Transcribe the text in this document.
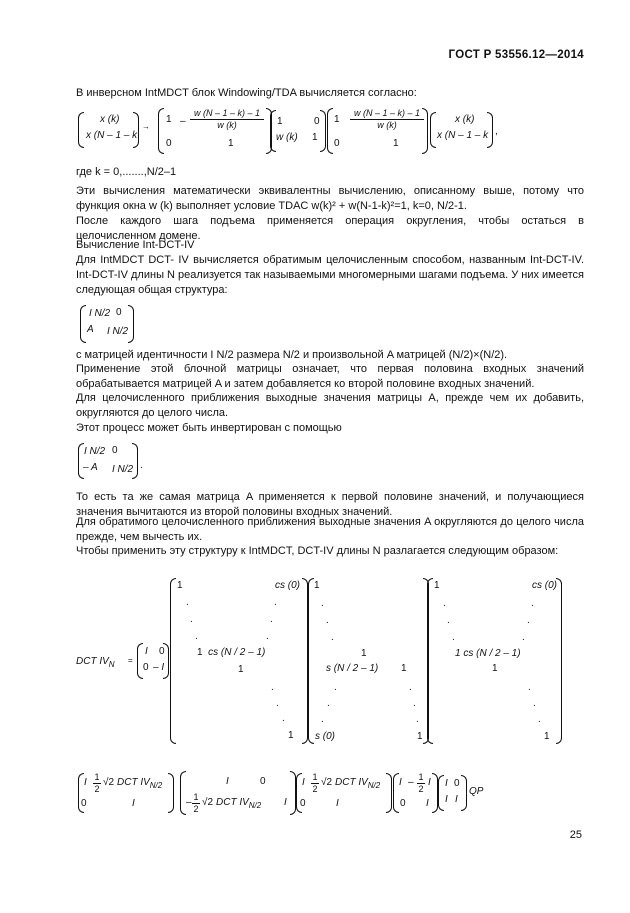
ГОСТ Р 53556.12—2014
В инверсном IntMDCT блок Windowing/TDA вычисляется согласно:
x (k)
x (N – 1 – k
→
$1 - \frac{w (N - 1 - k) - 1}{w (k)}$
0	1
1	0
w (k) 1
$1 \frac{w (N - 1 - k) - 1}{w (k)}$
0	1
x (k)
x (N – 1 – k ,
где k = 0,.......,N/2–1
Эти вычисления математически эквивалентны вычислению, описанному выше, потому что функция окна w (k) выполняет условие TDAC w(k)² + w(N-1-k)²=1, k=0, N/2-1.
После каждого шага подъема применяется операция округления, чтобы остаться в целочисленном домене.
Вычисление Int-DCT-IV
Для IntMDCT DCT- IV вычисляется обратимым целочисленным способом, названным Int-DCT-IV. Int-DCT-IV длины N реализуется так называемыми многомерными шагами подъема. У них имеется следующая общая структура:
I N/2 0
A I N/2
с матрицей идентичности I N/2 размера N/2 и произвольной A матрицей (N/2)×(N/2).
Применение этой блочной матрицы означает, что первая половина входных значений обрабатывается матрицей A и затем добавляется ко второй половине входных значений.
Для целочисленного приближения выходные значения матрицы A, прежде чем их добавить, округляются до целого числа.
Этот процесс может быть инвертирован с помощью
I N/2 0
– A I N/2 .
То есть та же самая матрица A применяется к первой половине значений, и получающиеся значения вычитаются из второй половины входных значений.
Для обратимого целочисленного приближения выходные значения A округляются до целого числа прежде, чем вычесть их.
Чтобы применить эту структуру к IntMDCT, DCT-IV длины N разлагается следующим образом:
DCT $IV_N$ =
I 0
0 – I
1	cs (0)
.	.
.	.
.	.
1 cs (N / 2 – 1)
1
.
.
.
1
1
.
.
.
1
s (N / 2 – 1) 1
.	.
.	.
.	.
s (0)	1
1	cs (0)
.	.
.	.
.	.
1 cs (N / 2 – 1)
1
.
.
.
1
I $\frac{1}{2} √2$ DCT $IV_{N/2}$
0	I
I	0
– $\frac{1}{2} √2$ DCT $IV_{N/2}$ I
I $\frac{1}{2} √2$ DCT $IV_{N/2}$
0	I
I – $\frac{1}{2}$ I
0 I
I 0
I I
QP
25
